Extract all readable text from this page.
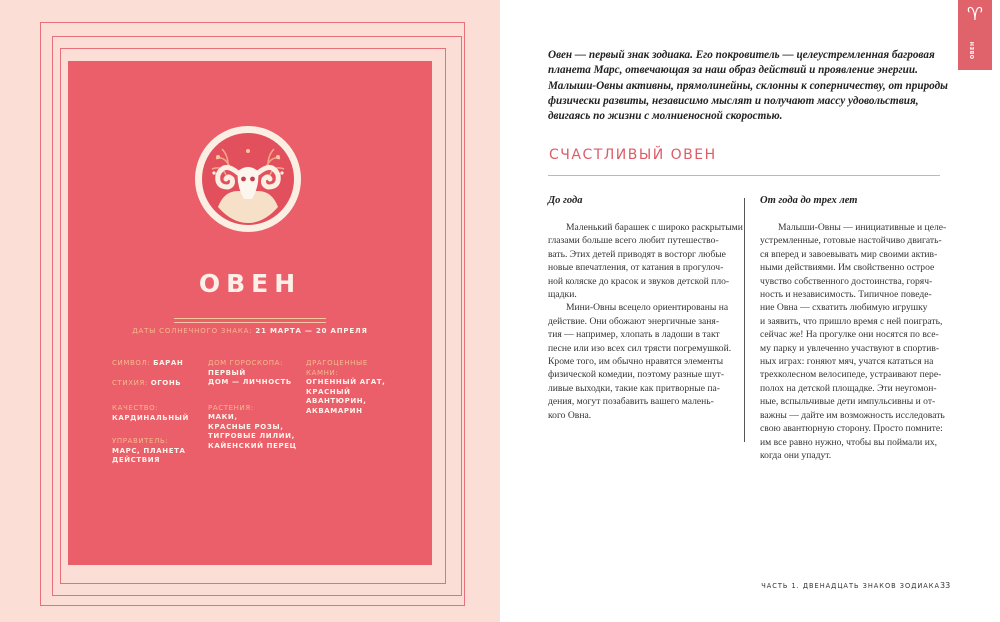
ОВЕН
ДАТЫ СОЛНЕЧНОГО ЗНАКА: 21 МАРТА — 20 АПРЕЛЯ
СИМВОЛ: БАРАН
СТИХИЯ: ОГОНЬ
КАЧЕСТВО:
КАРДИНАЛЬНЫЙ
УПРАВИТЕЛЬ:
МАРС, ПЛАНЕТА
ДЕЙСТВИЯ
ДОМ ГОРОСКОПА:
ПЕРВЫЙ
ДОМ — ЛИЧНОСТЬ
РАСТЕНИЯ:
МАКИ,
КРАСНЫЕ РОЗЫ,
ТИГРОВЫЕ ЛИЛИИ,
КАЙЕНСКИЙ ПЕРЕЦ
ДРАГОЦЕННЫЕ
КАМНИ:
ОГНЕННЫЙ АГАТ,
КРАСНЫЙ
АВАНТЮРИН,
АКВАМАРИН
♈
ОВЕН
Овен — первый знак зодиака. Его покровитель — целеустремленная багровая
планета Марс, отвечающая за наш образ действий и проявление энергии.
Малыши-Овны активны, прямолинейны, склонны к соперничеству, от природы
физически развиты, независимо мыслят и получают массу удовольствия,
двигаясь по жизни с молниеносной скоростью.
СЧАСТЛИВЫЙ ОВЕН
До года
Маленький барашек с широко раскрытыми
глазами больше всего любит путешество-
вать. Этих детей приводят в восторг любые
новые впечатления, от катания в прогулоч-
ной коляске до красок и звуков детской пло-
щадки.
Мини-Овны всецело ориентированы на
действие. Они обожают энергичные заня-
тия — например, хлопать в ладоши в такт
песне или изо всех сил трясти погремушкой.
Кроме того, им обычно нравятся элементы
физической комедии, поэтому разные шут-
ливые выходки, такие как притворные па-
дения, могут позабавить вашего малень-
кого Овна.
От года до трех лет
Малыши-Овны — инициативные и целе-
устремленные, готовые настойчиво двигать-
ся вперед и завоевывать мир своими актив-
ными действиями. Им свойственно острое
чувство собственного достоинства, горяч-
ность и независимость. Типичное поведе-
ние Овна — схватить любимую игрушку
и заявить, что пришло время с ней поиграть,
сейчас же! На прогулке они носятся по все-
му парку и увлеченно участвуют в спортив-
ных играх: гоняют мяч, учатся кататься на
трехколесном велосипеде, устраивают пере-
полох на детской площадке. Эти неугомон-
ные, вспыльчивые дети импульсивны и от-
важны — дайте им возможность исследовать
свою авантюрную сторону. Просто помните:
им все равно нужно, чтобы вы поймали их,
когда они упадут.
ЧАСТЬ 1. ДВЕНАДЦАТЬ ЗНАКОВ ЗОДИАКА 33
